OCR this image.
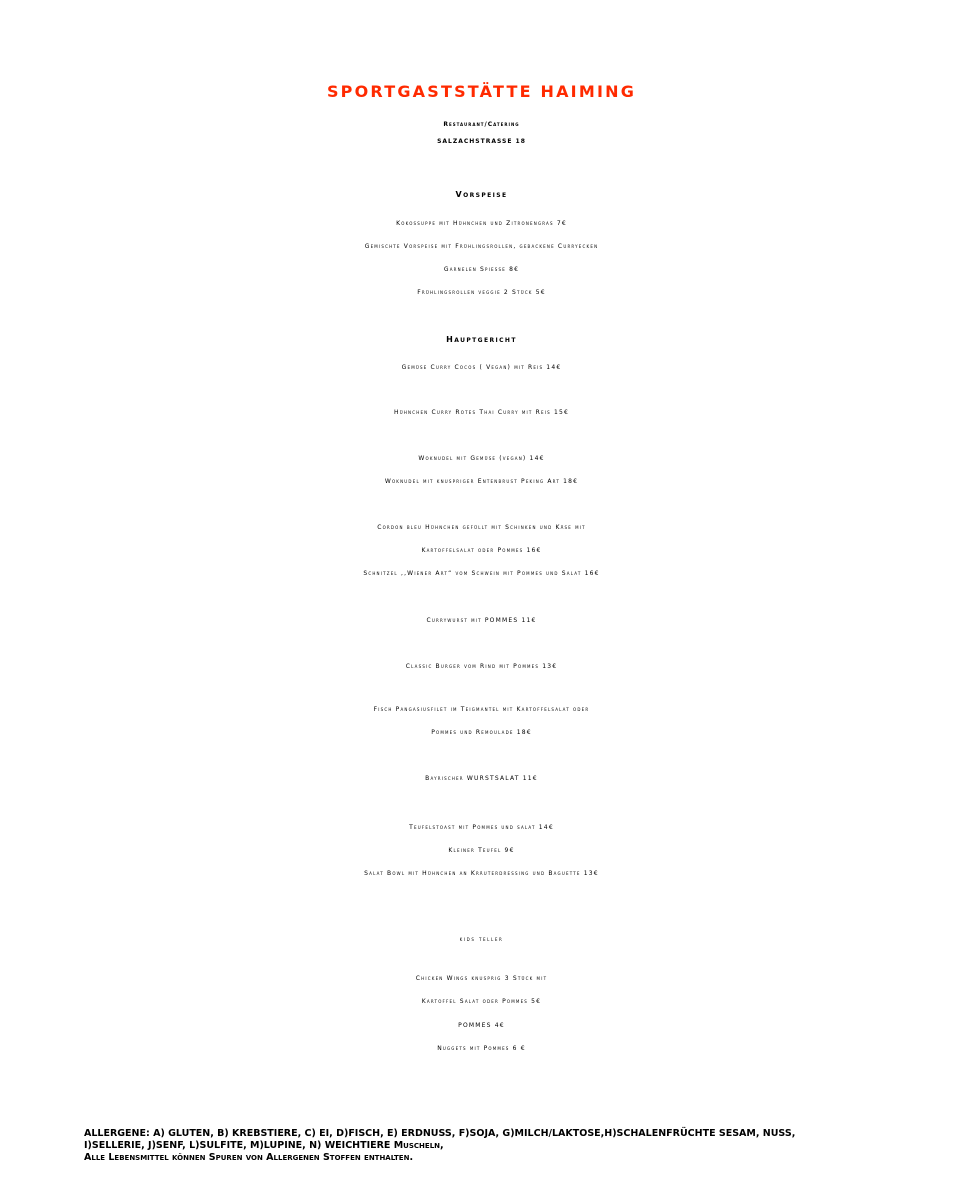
SPORTGASTSTÄTTE HAIMING
Restaurant/Catering
SALZACHSTRASSE 18
Vorspeise
Kokossuppe mit Hühnchen und Zitronengras 7€
Gemischte Vorspeise mit Frühlingsrollen, gebackene Curryecken
Garnelen Spiesse 8€
Frühlingsrollen veggie 2 Stück 5€
Hauptgericht
Gemüse Curry Cocos ( Vegan) mit Reis 14€
Hühnchen Curry Rotes Thai Curry mit Reis 15€
Woknudel mit Gemüse (vegan) 14€
Woknudel mit knuspriger Entenbrust Peking Art 18€
Cordon bleu Hühnchen gefüllt mit Schinken und Käse mit
Kartoffelsalat oder Pommes 16€
Schnitzel ,,Wiener Art“ vom Schwein mit Pommes und Salat 16€
Currywurst mit POMMES 11€
Classic Burger vom Rind mit Pommes 13€
Fisch Pangasiusfilet im Teigmantel mit Kartoffelsalat oder
Pommes und Remoulade 18€
Bayrischer WURSTSALAT 11€
Teufelstoast mit Pommes und salat 14€
Kleiner Teufel 9€
Salat Bowl mit Hühnchen an Kräuterdressing und Baguette 13€
kids teller
Chicken Wings knusprig 3 Stück mit
Kartoffel Salat oder Pommes 5€
POMMES 4€
Nuggets mit Pommes 6 €
ALLERGENE: A) GLUTEN, B) KREBSTIERE, C) EI, D)FISCH, E) ERDNUSS, F)SOJA, G)MILCH/LAKTOSE,H)SCHALENFRÜCHTE SESAM, NUSS,
I)SELLERIE, J)SENF, L)SULFITE, M)LUPINE, N) WEICHTIERE Muscheln,
Alle Lebensmittel können Spuren von Allergenen Stoffen enthalten.
